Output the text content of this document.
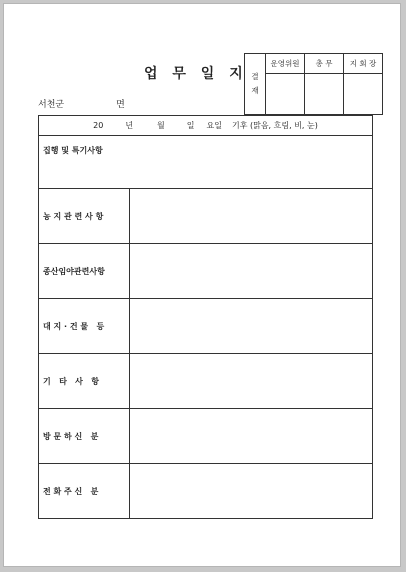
업 무 일 지
서천군	면
결
재	운영위원	총 무	지 회 장

20 년 월 일 요일 기후 (맑음, 흐림, 비, 눈)	

집행 및 특기사항	

농 지 관 련 사 항	
종산임야관련사항	
대 지 · 건 물   등	
기   타   사   항	
방 문 하 신   분	
전 화 주 신   분	
